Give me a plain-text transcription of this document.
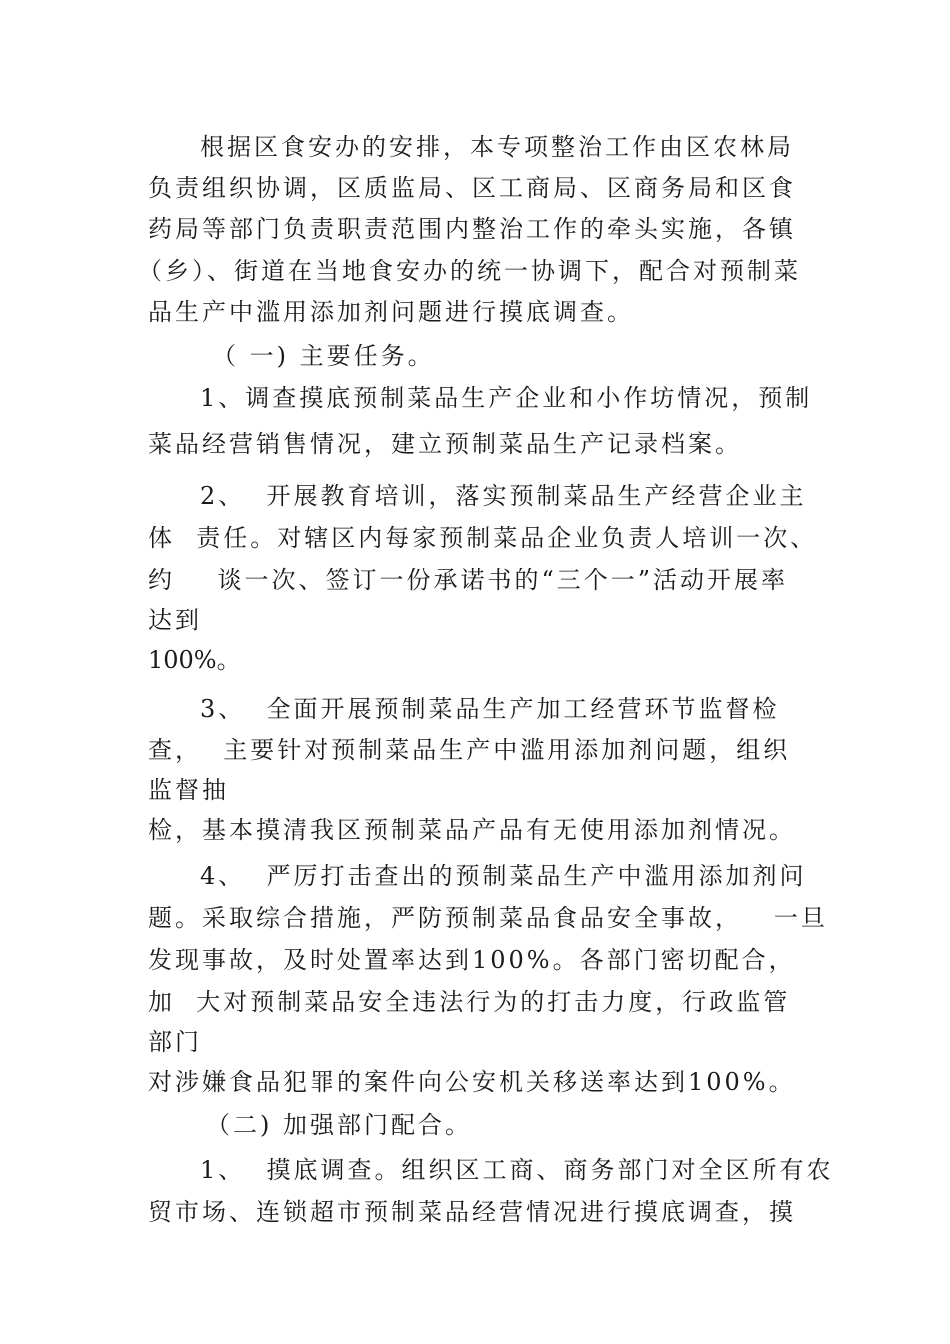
根据区食安办的安排，本专项整治工作由区农林局
负责组织协调，区质监局、区工商局、区商务局和区食
药局等部门负责职责范围内整治工作的牵头实施，各镇
（乡）、街道在当地食安办的统一协调下，配合对预制菜
品生产中滥用添加剂问题进行摸底调查。
（ 一) 主要任务。
1、调查摸底预制菜品生产企业和小作坊情况，预制
菜品经营销售情况，建立预制菜品生产记录档案。
2、  开展教育培训，落实预制菜品生产经营企业主
体  责任。对辖区内每家预制菜品企业负责人培训一次、
约    谈一次、签订一份承诺书的“三个一”活动开展率
达到
100%。
3、  全面开展预制菜品生产加工经营环节监督检
查，  主要针对预制菜品生产中滥用添加剂问题，组织
监督抽
检，基本摸清我区预制菜品产品有无使用添加剂情况。
4、  严厉打击查出的预制菜品生产中滥用添加剂问
题。采取综合措施，严防预制菜品食品安全事故，   一旦
发现事故，及时处置率达到100%。各部门密切配合，
加  大对预制菜品安全违法行为的打击力度，行政监管
部门
对涉嫌食品犯罪的案件向公安机关移送率达到100%。
（二) 加强部门配合。
1、  摸底调查。组织区工商、商务部门对全区所有农
贸市场、连锁超市预制菜品经营情况进行摸底调查，摸
